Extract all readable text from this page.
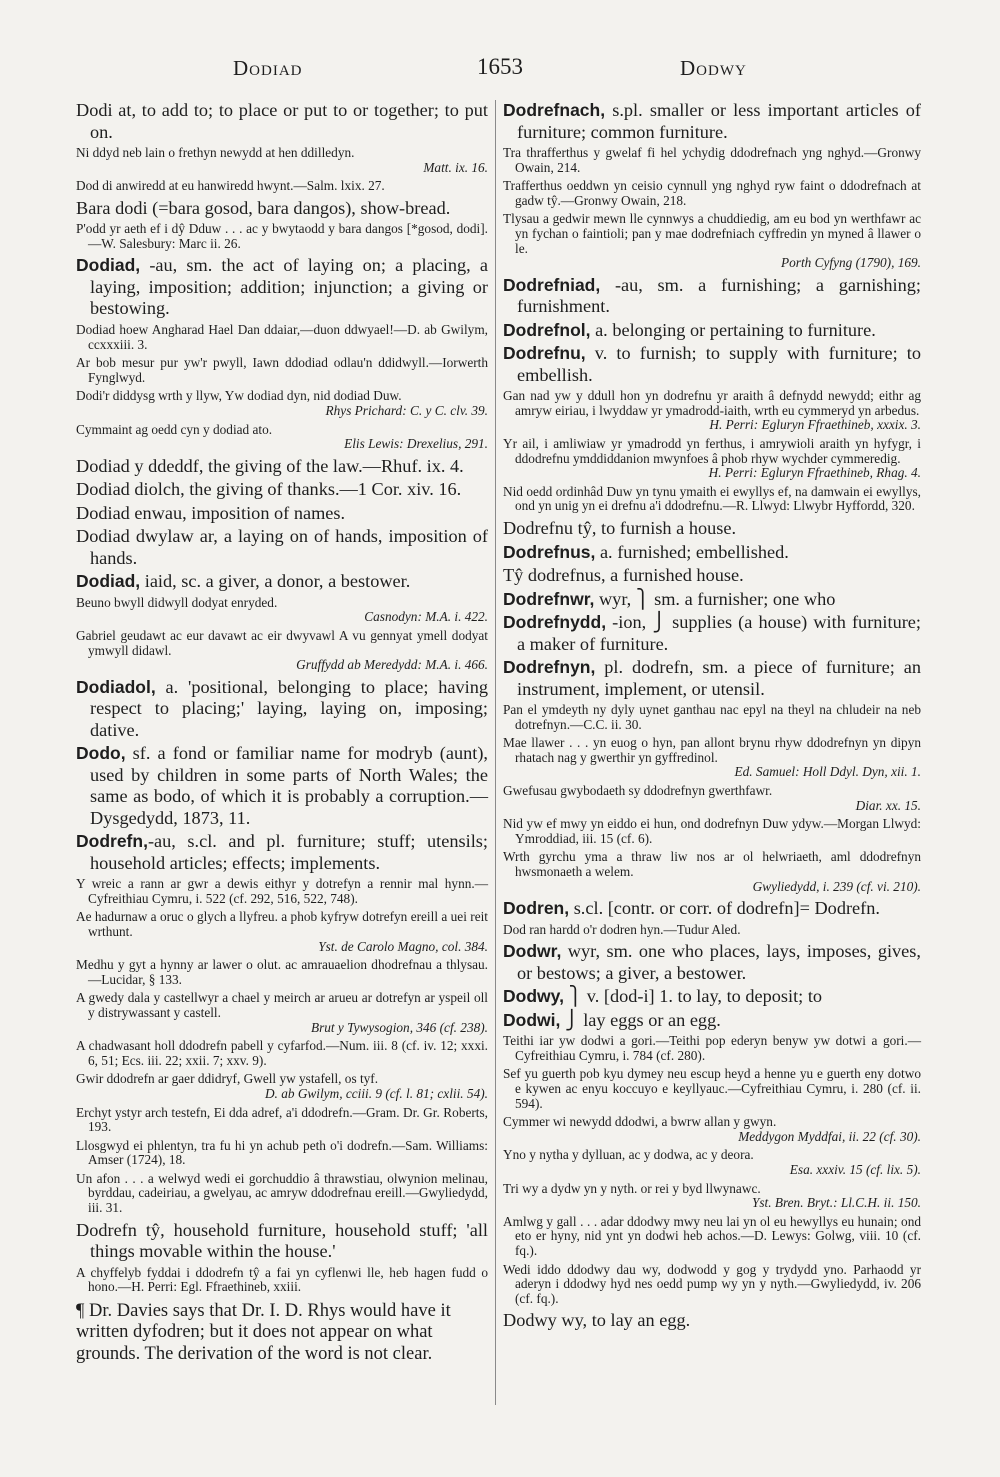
Dodiad	1653	Dodwy

Dodi at, to add to; to place or put to or together; to put on.

Ni ddyd neb lain o frethyn newydd at hen ddilledyn.
Matt. ix. 16.

Dod di anwiredd at eu hanwiredd hwynt.—Salm. lxix. 27.

Bara dodi (=bara gosod, bara dangos), show-bread.

P'odd yr aeth ef i dŷ Dduw . . . ac y bwytaodd y bara dangos [*gosod, dodi].—W. Salesbury: Marc ii. 26.

Dodiad, -au, sm. the act of laying on; a placing, a laying, imposition; addition; injunction; a giving or bestowing.

Dodiad hoew Angharad Hael Dan ddaiar,—duon ddwyael!—D. ab Gwilym, ccxxxiii. 3.

Ar bob mesur pur yw'r pwyll, Iawn ddodiad odlau'n ddidwyll.—Iorwerth Fynglwyd.

Dodi'r diddysg wrth y llyw, Yw dodiad dyn, nid dodiad Duw.
Rhys Prichard: C. y C. clv. 39.

Cymmaint ag oedd cyn y dodiad ato.
Elis Lewis: Drexelius, 291.

Dodiad y ddeddf, the giving of the law.—Rhuf. ix. 4.

Dodiad diolch, the giving of thanks.—1 Cor. xiv. 16.

Dodiad enwau, imposition of names.

Dodiad dwylaw ar, a laying on of hands, imposition of hands.

Dodiad, iaid, sc. a giver, a donor, a bestower.

Beuno bwyll didwyll dodyat enryded.
Casnodyn: M.A. i. 422.

Gabriel geudawt ac eur davawt ac eir dwyvawl A vu gennyat ymell dodyat ymwyll didawl.
Gruffydd ab Meredydd: M.A. i. 466.

Dodiadol, a. 'positional, belonging to place; having respect to placing;' laying, laying on, imposing; dative.

Dodo, sf. a fond or familiar name for modryb (aunt), used by children in some parts of North Wales; the same as bodo, of which it is probably a corruption.—Dysgedydd, 1873, 11.

Dodrefn,-au, s.cl. and pl. furniture; stuff; utensils; household articles; effects; implements.

Y wreic a rann ar gwr a dewis eithyr y dotrefyn a rennir mal hynn.—Cyfreithiau Cymru, i. 522 (cf. 292, 516, 522, 748).

Ae hadurnaw a oruc o glych a llyfreu. a phob kyfryw dotrefyn ereill a uei reit wrthunt.
Yst. de Carolo Magno, col. 384.

Medhu y gyt a hynny ar lawer o olut. ac amrauaelion dhodrefnau a thlysau.—Lucidar, § 133.

A gwedy dala y castellwyr a chael y meirch ar arueu ar dotrefyn ar yspeil oll y distrywassant y castell.
Brut y Tywysogion, 346 (cf. 238).

A chadwasant holl ddodrefn pabell y cyfarfod.—Num. iii. 8 (cf. iv. 12; xxxi. 6, 51; Ecs. iii. 22; xxii. 7; xxv. 9).

Gwir ddodrefn ar gaer ddidryf, Gwell yw ystafell, os tyf.
D. ab Gwilym, cciii. 9 (cf. l. 81; cxlii. 54).

Erchyt ystyr arch testefn, Ei dda adref, a'i ddodrefn.—Gram. Dr. Gr. Roberts, 193.

Llosgwyd ei phlentyn, tra fu hi yn achub peth o'i dodrefn.—Sam. Williams: Amser (1724), 18.

Un afon . . . a welwyd wedi ei gorchuddio â thrawstiau, olwynion melinau, byrddau, cadeiriau, a gwelyau, ac amryw ddodrefnau ereill.—Gwyliedydd, iii. 31.

Dodrefn tŷ, household furniture, household stuff; 'all things movable within the house.'

A chyffelyb fyddai i ddodrefn tŷ a fai yn cyflenwi lle, heb hagen fudd o hono.—H. Perri: Egl. Ffraethineb, xxiii.

¶ Dr. Davies says that Dr. I. D. Rhys would have it written dyfodren; but it does not appear on what grounds. The derivation of the word is not clear.

Dodrefnach, s.pl. smaller or less important articles of furniture; common furniture.

Tra thrafferthus y gwelaf fi hel ychydig ddodrefnach yng nghyd.—Gronwy Owain, 214.

Trafferthus oeddwn yn ceisio cynnull yng nghyd ryw faint o ddodrefnach at gadw tŷ.—Gronwy Owain, 218.

Tlysau a gedwir mewn lle cynnwys a chuddiedig, am eu bod yn werthfawr ac yn fychan o faintioli; pan y mae dodrefniach cyffredin yn myned â llawer o le.
Porth Cyfyng (1790), 169.

Dodrefniad, -au, sm. a furnishing; a garnishing; furnishment.

Dodrefnol, a. belonging or pertaining to furniture.

Dodrefnu, v. to furnish; to supply with furniture; to embellish.

Gan nad yw y ddull hon yn dodrefnu yr araith â defnydd newydd; eithr ag amryw eiriau, i lwyddaw yr ymadrodd-iaith, wrth eu cymmeryd yn arbedus.
H. Perri: Egluryn Ffraethineb, xxxix. 3.

Yr ail, i amliwiaw yr ymadrodd yn ferthus, i amrywioli araith yn hyfygr, i ddodrefnu ymddiddanion mwynfoes â phob rhyw wychder cymmeredig.
H. Perri: Egluryn Ffraethineb, Rhag. 4.

Nid oedd ordinhâd Duw yn tynu ymaith ei ewyllys ef, na damwain ei ewyllys, ond yn unig yn ei drefnu a'i ddodrefnu.—R. Llwyd: Llwybr Hyffordd, 320.

Dodrefnu tŷ, to furnish a house.

Dodrefnus, a. furnished; embellished.

Tŷ dodrefnus, a furnished house.

Dodrefnwr, wyr, ⎫ sm. a furnisher; one who

Dodrefnydd, -ion, ⎭ supplies (a house) with furniture; a maker of furniture.

Dodrefnyn, pl. dodrefn, sm. a piece of furniture; an instrument, implement, or utensil.

Pan el ymdeyth ny dyly uynet ganthau nac epyl na theyl na chludeir na neb dotrefnyn.—C.C. ii. 30.

Mae llawer . . . yn euog o hyn, pan allont brynu rhyw ddodrefnyn yn dipyn rhatach nag y gwerthir yn gyffredinol.
Ed. Samuel: Holl Ddyl. Dyn, xii. 1.

Gwefusau gwybodaeth sy ddodrefnyn gwerthfawr.
Diar. xx. 15.

Nid yw ef mwy yn eiddo ei hun, ond dodrefnyn Duw ydyw.—Morgan Llwyd: Ymroddiad, iii. 15 (cf. 6).

Wrth gyrchu yma a thraw liw nos ar ol helwriaeth, aml ddodrefnyn hwsmonaeth a welem.
Gwyliedydd, i. 239 (cf. vi. 210).

Dodren, s.cl. [contr. or corr. of dodrefn]= Dodrefn.

Dod ran hardd o'r dodren hyn.—Tudur Aled.

Dodwr, wyr, sm. one who places, lays, imposes, gives, or bestows; a giver, a bestower.

Dodwy, ⎫ v. [dod-i] 1. to lay, to deposit; to

Dodwi, ⎭ lay eggs or an egg.

Teithi iar yw dodwi a gori.—Teithi pop ederyn benyw yw dotwi a gori.—Cyfreithiau Cymru, i. 784 (cf. 280).

Sef yu guerth pob kyu dymey neu escup heyd a henne yu e guerth eny dotwo e kywen ac enyu koccuyo e keyllyauc.—Cyfreithiau Cymru, i. 280 (cf. ii. 594).

Cymmer wi newydd ddodwi, a bwrw allan y gwyn.
Meddygon Myddfai, ii. 22 (cf. 30).

Yno y nytha y dylluan, ac y dodwa, ac y deora.
Esa. xxxiv. 15 (cf. lix. 5).

Tri wy a dydw yn y nyth. or rei y byd llwynawc.
Yst. Bren. Bryt.: Ll.C.H. ii. 150.

Amlwg y gall . . . adar ddodwy mwy neu lai yn ol eu hewyllys eu hunain; ond eto er hyny, nid ynt yn dodwi heb achos.—D. Lewys: Golwg, viii. 10 (cf. fq.).

Wedi iddo ddodwy dau wy, dodwodd y gog y trydydd yno. Parhaodd yr aderyn i ddodwy hyd nes oedd pump wy yn y nyth.—Gwyliedydd, iv. 206 (cf. fq.).

Dodwy wy, to lay an egg.
